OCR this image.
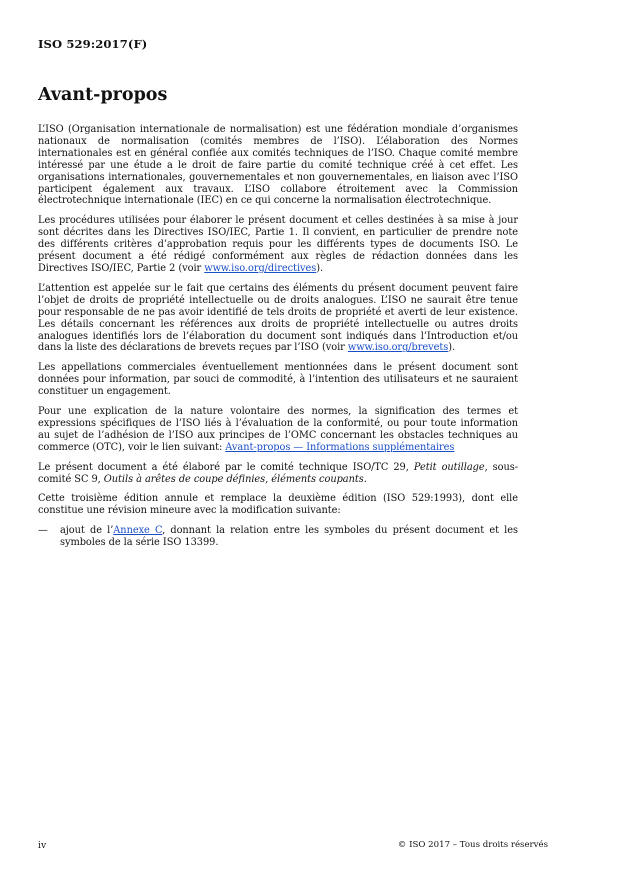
ISO 529:2017(F)
Avant-propos

L’ISO (Organisation internationale de normalisation) est une fédération mondiale d’organismes nationaux de normalisation (comités membres de l’ISO). L’élaboration des Normes internationales est en général confiée aux comités techniques de l’ISO. Chaque comité membre intéressé par une étude a le droit de faire partie du comité technique créé à cet effet. Les organisations internationales, gouvernementales et non gouvernementales, en liaison avec l’ISO participent également aux travaux. L’ISO collabore étroitement avec la Commission électrotechnique internationale (IEC) en ce qui concerne la normalisation électrotechnique.

Les procédures utilisées pour élaborer le présent document et celles destinées à sa mise à jour sont décrites dans les Directives ISO/IEC, Partie 1. Il convient, en particulier de prendre note des différents critères d’approbation requis pour les différents types de documents ISO. Le présent document a été rédigé conformément aux règles de rédaction données dans les Directives ISO/IEC, Partie 2 (voir www.iso.org/directives).

L’attention est appelée sur le fait que certains des éléments du présent document peuvent faire l’objet de droits de propriété intellectuelle ou de droits analogues. L’ISO ne saurait être tenue pour responsable de ne pas avoir identifié de tels droits de propriété et averti de leur existence. Les détails concernant les références aux droits de propriété intellectuelle ou autres droits analogues identifiés lors de l’élaboration du document sont indiqués dans l’Introduction et/ou dans la liste des déclarations de brevets reçues par l’ISO (voir www.iso.org/brevets).

Les appellations commerciales éventuellement mentionnées dans le présent document sont données pour information, par souci de commodité, à l’intention des utilisateurs et ne sauraient constituer un engagement.

Pour une explication de la nature volontaire des normes, la signification des termes et expressions spécifiques de l’ISO liés à l’évaluation de la conformité, ou pour toute information au sujet de l’adhésion de l’ISO aux principes de l’OMC concernant les obstacles techniques au commerce (OTC), voir le lien suivant: Avant-propos — Informations supplémentaires

Le présent document a été élaboré par le comité technique ISO/TC 29, Petit outillage, sous-comité SC 9, Outils à arêtes de coupe définies, éléments coupants.

Cette troisième édition annule et remplace la deuxième édition (ISO 529:1993), dont elle constitue une révision mineure avec la modification suivante:

—	ajout de l’Annexe C, donnant la relation entre les symboles du présent document et les symboles de la série ISO 13399.
iv	© ISO 2017 – Tous droits réservés
